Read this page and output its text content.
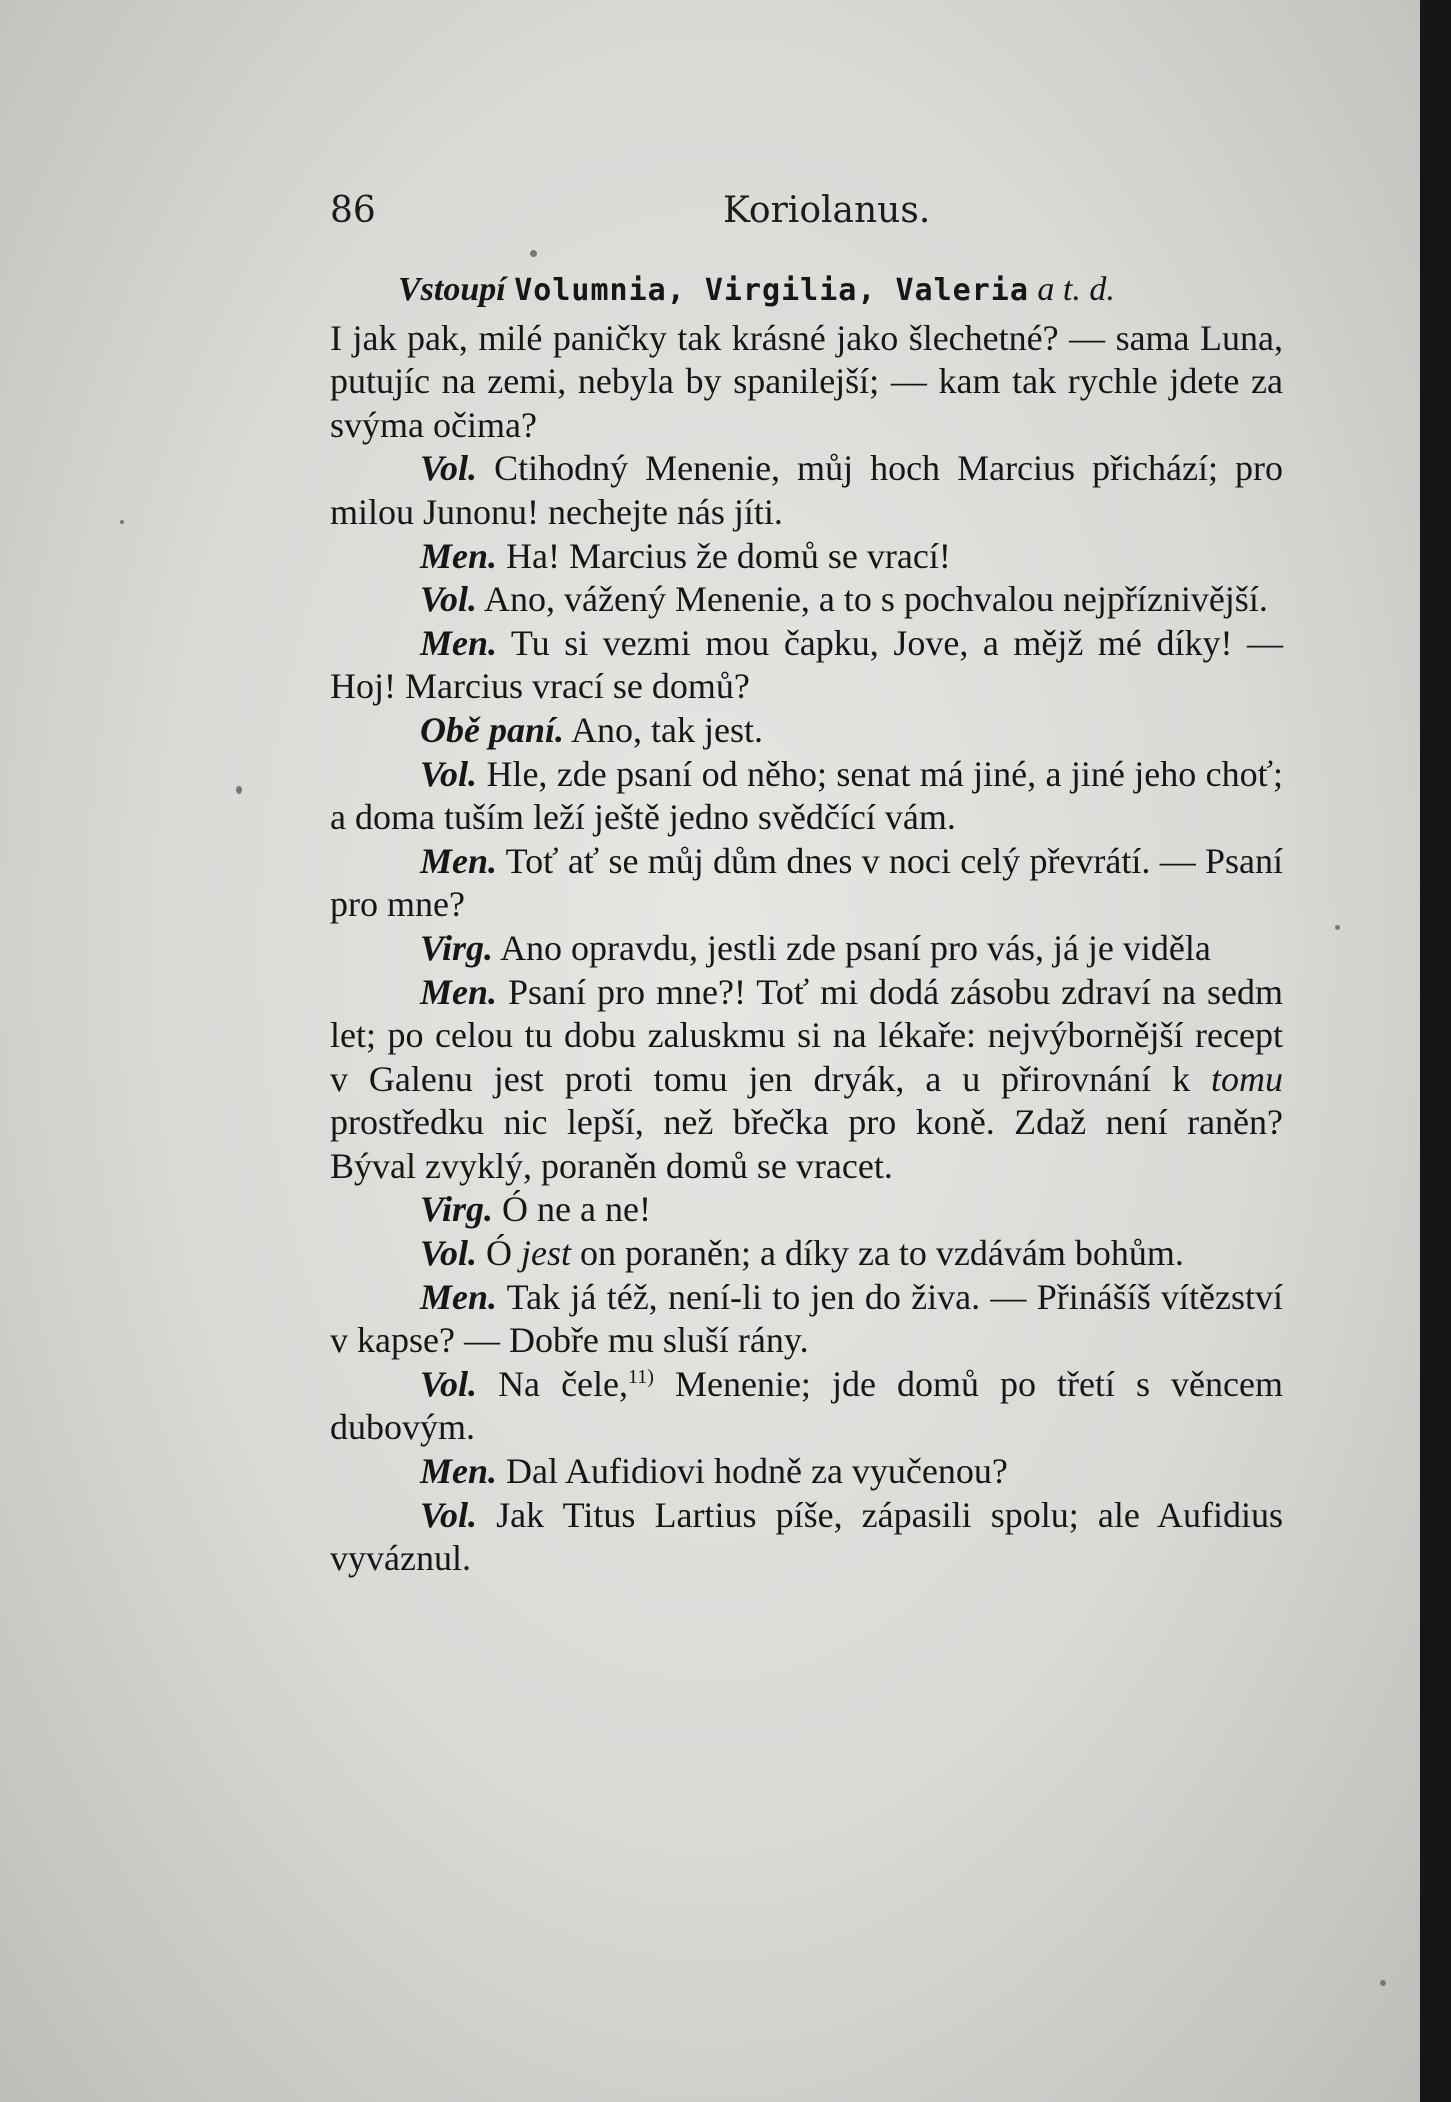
86	Koriolanus.

Vstoupí Volumnia, Virgilia, Valeria a t. d.

I jak pak, milé paničky tak krásné jako šlechetné? — sama Luna, putujíc na zemi, nebyla by spanilejší; — kam tak rychle jdete za svýma očima?

Vol. Ctihodný Menenie, můj hoch Marcius přichází; pro milou Junonu! nechejte nás jíti.

Men. Ha! Marcius že domů se vrací!

Vol. Ano, vážený Menenie, a to s pochvalou nejpříznivější.

Men. Tu si vezmi mou čapku, Jove, a mějž mé díky! — Hoj! Marcius vrací se domů?

Obě paní. Ano, tak jest.

Vol. Hle, zde psaní od něho; senat má jiné, a jiné jeho choť; a doma tuším leží ještě jedno svědčící vám.

Men. Toť ať se můj dům dnes v noci celý převrátí. — Psaní pro mne?

Virg. Ano opravdu, jestli zde psaní pro vás, já je viděla

Men. Psaní pro mne?! Toť mi dodá zásobu zdraví na sedm let; po celou tu dobu zaluskmu si na lékaře: nejvýbornější recept v Galenu jest proti tomu jen dryák, a u přirovnání k tomu prostředku nic lepší, než břečka pro koně. Zdaž není raněn? Býval zvyklý, poraněn domů se vracet.

Virg. Ó ne a ne!

Vol. Ó jest on poraněn; a díky za to vzdávám bohům.

Men. Tak já též, není-li to jen do živa. — Přinášíš vítězství v kapse? — Dobře mu sluší rány.

Vol. Na čele,$^{11)}$ Menenie; jde domů po třetí s věncem dubovým.

Men. Dal Aufidiovi hodně za vyučenou?

Vol. Jak Titus Lartius píše, zápasili spolu; ale Aufidius vyváznul.
